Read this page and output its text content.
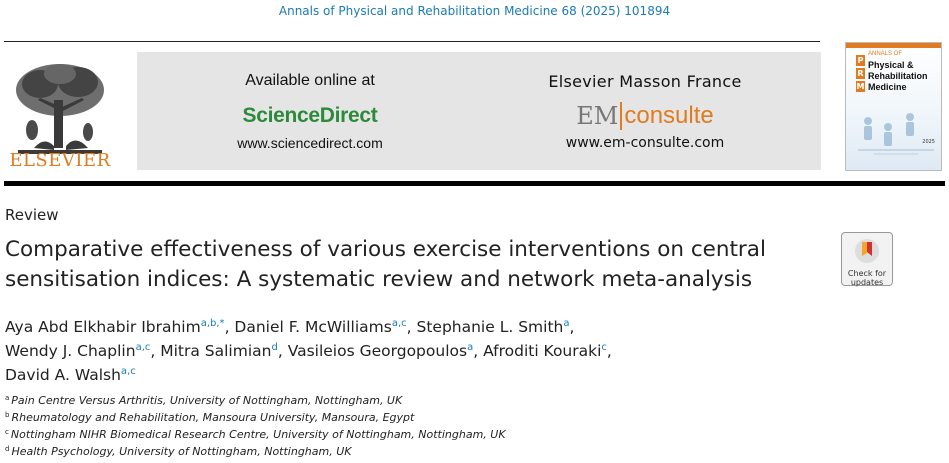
Annals of Physical and Rehabilitation Medicine 68 (2025) 101894
ELSEVIER
Available online at
ScienceDirect
www.sciencedirect.com
Elsevier Masson France
EM consulte
www.em-consulte.com
P
R
M
ANNALS OF
Physical &
Rehabilitation
Medicine
2025
Review
Comparative effectiveness of various exercise interventions on central sensitisation indices: A systematic review and network meta-analysis	Check for updates
Aya Abd Elkhabir Ibrahim$^{a,b,*}$, Daniel F. McWilliams$^{a,c}$, Stephanie L. Smith$^a$,
Wendy J. Chaplin$^{a,c}$, Mitra Salimian$^d$, Vasileios Georgopoulos$^a$, Afroditi Kouraki$^c$,
David A. Walsh$^{a,c}$
$^a$ Pain Centre Versus Arthritis, University of Nottingham, Nottingham, UK
$^b$ Rheumatology and Rehabilitation, Mansoura University, Mansoura, Egypt
$^c$ Nottingham NIHR Biomedical Research Centre, University of Nottingham, Nottingham, UK
$^d$ Health Psychology, University of Nottingham, Nottingham, UK
